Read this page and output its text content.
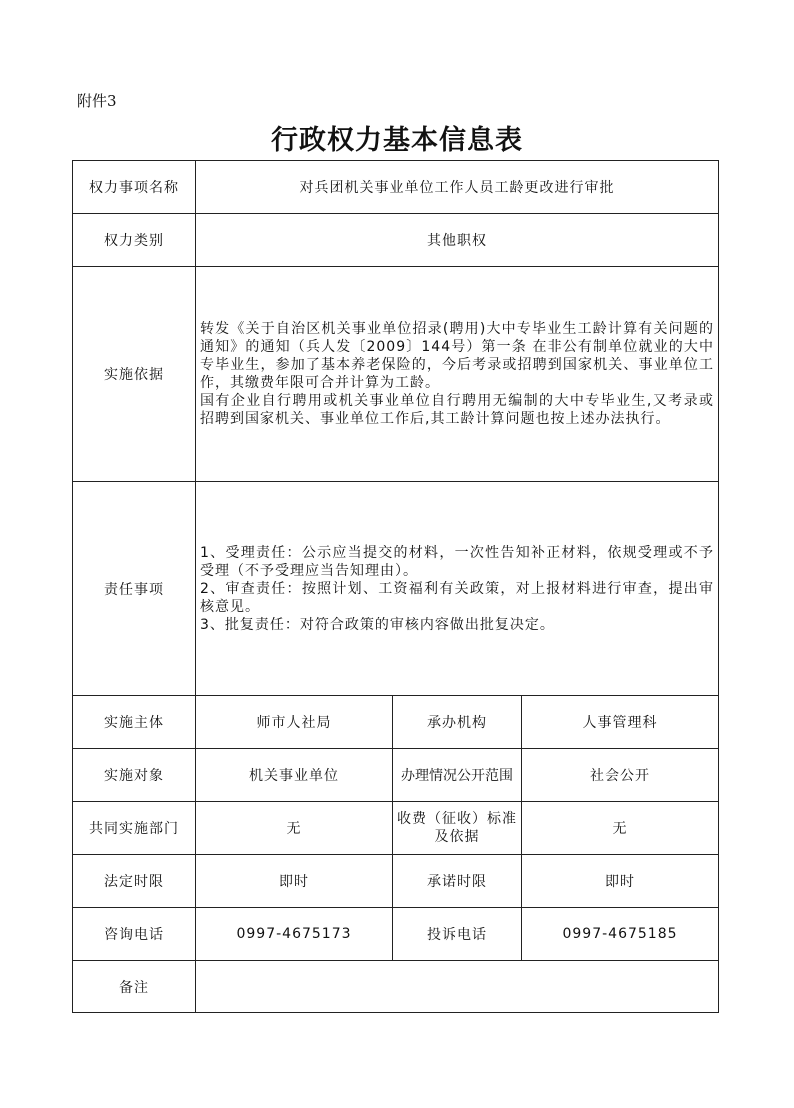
附件3
行政权力基本信息表
权力事项名称	对兵团机关事业单位工作人员工龄更改进行审批		
权力类别	其他职权		
实施依据	转发《关于自治区机关事业单位招录(聘用)大中专毕业生工龄计算有关问题的通知》的通知（兵人发〔2009〕144号）第一条 在非公有制单位就业的大中专毕业生，参加了基本养老保险的，今后考录或招聘到国家机关、事业单位工作，其缴费年限可合并计算为工龄。

国有企业自行聘用或机关事业单位自行聘用无编制的大中专毕业生,又考录或招聘到国家机关、事业单位工作后,其工龄计算问题也按上述办法执行。		

责任事项	1、受理责任：公示应当提交的材料，一次性告知补正材料，依规受理或不予受理（不予受理应当告知理由）。

2、审查责任：按照计划、工资福利有关政策，对上报材料进行审查，提出审核意见。

3、批复责任：对符合政策的审核内容做出批复决定。		

实施主体	师市人社局	承办机构	人事管理科
实施对象	机关事业单位	办理情况公开范围	社会公开
共同实施部门	无	收费（征收）标准及依据	无
法定时限	即时	承诺时限	即时
咨询电话	0997-4675173	投诉电话	0997-4675185
备注			
